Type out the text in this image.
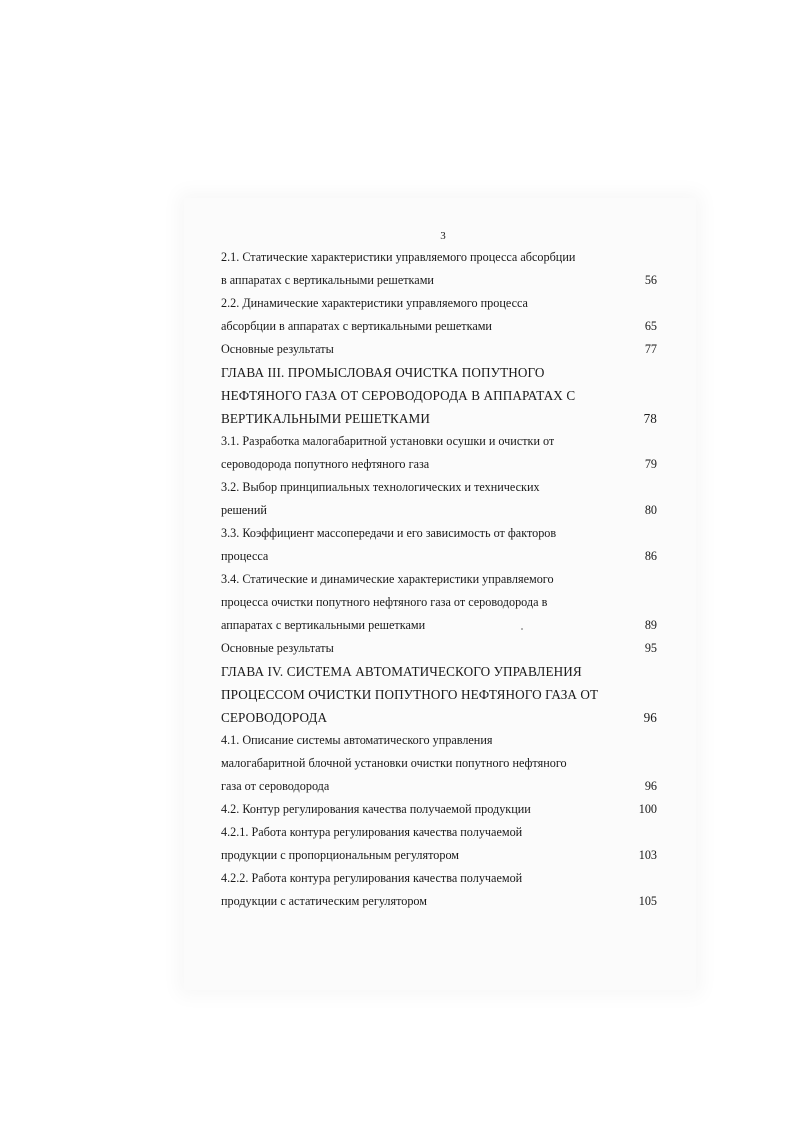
3
2.1. Статические характеристики управляемого процесса абсорбции
в аппаратах с вертикальными решетками	56
2.2. Динамические характеристики управляемого процесса
абсорбции в аппаратах с вертикальными решетками	65
Основные результаты	77
ГЛАВА III. ПРОМЫСЛОВАЯ ОЧИСТКА ПОПУТНОГО
НЕФТЯНОГО ГАЗА ОТ СЕРОВОДОРОДА В АППАРАТАХ С
ВЕРТИКАЛЬНЫМИ РЕШЕТКАМИ	78
3.1. Разработка малогабаритной установки осушки и очистки от
сероводорода попутного нефтяного газа	79
3.2. Выбор принципиальных технологических и технических
решений	80
3.3. Коэффициент массопередачи и его зависимость от факторов
процесса	86
3.4. Статические и динамические характеристики управляемого
процесса очистки попутного нефтяного газа от сероводорода в
аппаратах с вертикальными решетками	89
Основные результаты	95
ГЛАВА IV. СИСТЕМА АВТОМАТИЧЕСКОГО УПРАВЛЕНИЯ
ПРОЦЕССОМ ОЧИСТКИ ПОПУТНОГО НЕФТЯНОГО ГАЗА ОТ
СЕРОВОДОРОДА	96
4.1. Описание системы автоматического управления
малогабаритной блочной установки очистки попутного нефтяного
газа от сероводорода	96
4.2. Контур регулирования качества получаемой продукции	100
4.2.1. Работа контура регулирования качества получаемой
продукции с пропорциональным регулятором	103
4.2.2. Работа контура регулирования качества получаемой
продукции с астатическим регулятором	105
